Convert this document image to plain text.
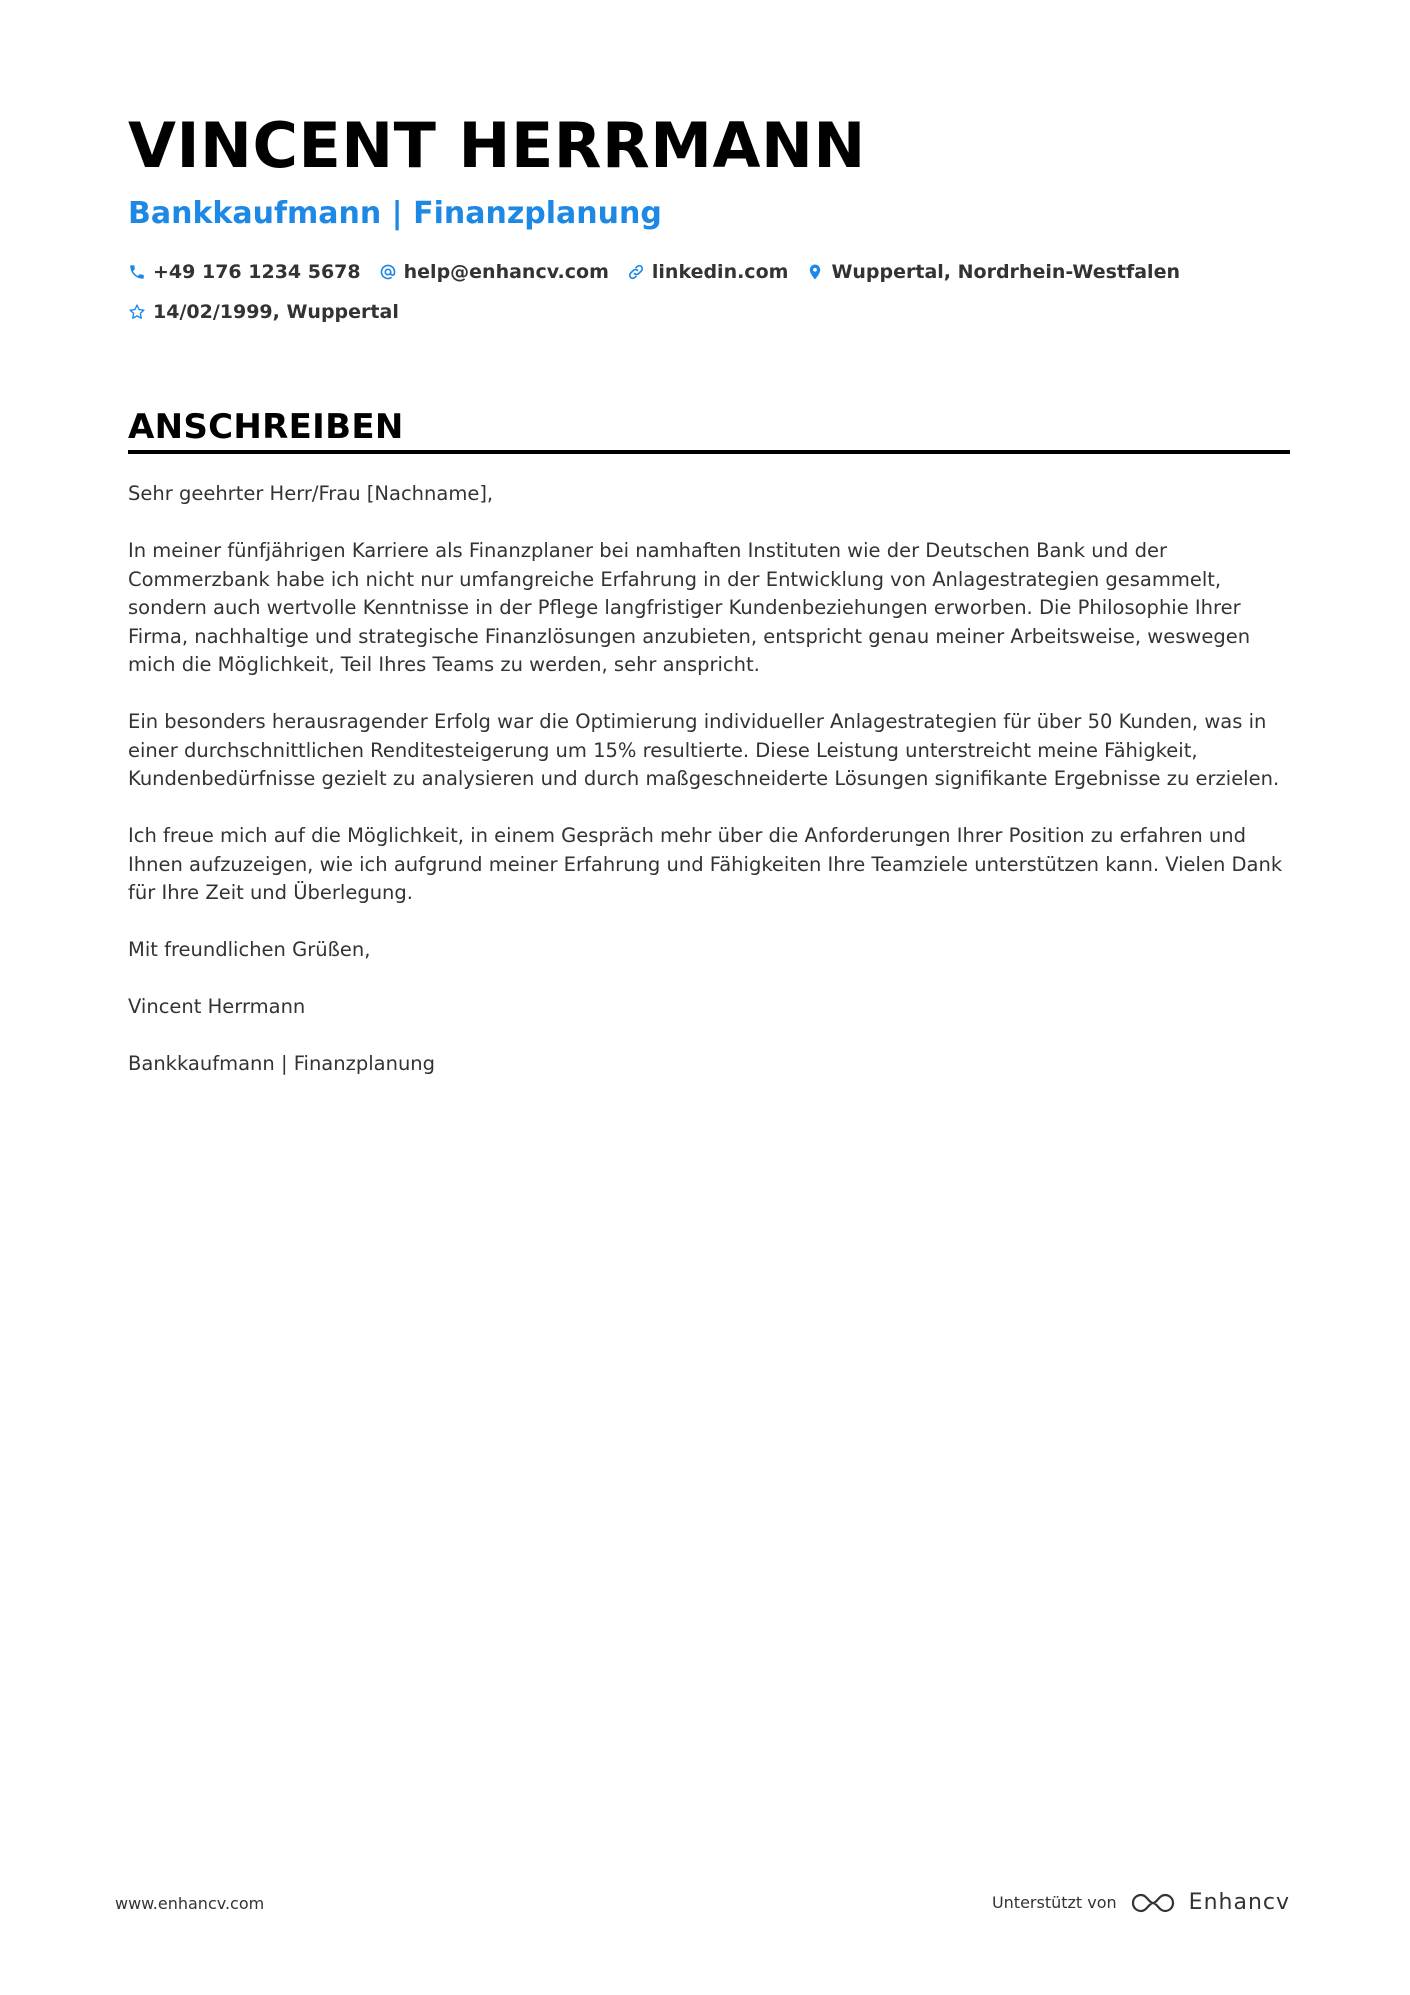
VINCENT HERRMANN
Bankkaufmann | Finanzplanung
+49 176 1234 5678 help@enhancv.com linkedin.com Wuppertal, Nordrhein-Westfalen
14/02/1999, Wuppertal
ANSCHREIBEN

Sehr geehrter Herr/Frau [Nachname],

In meiner fünfjährigen Karriere als Finanzplaner bei namhaften Instituten wie der Deutschen Bank und der Commerzbank habe ich nicht nur umfangreiche Erfahrung in der Entwicklung von Anlagestrategien gesammelt, sondern auch wertvolle Kenntnisse in der Pflege langfristiger Kundenbeziehungen erworben. Die Philosophie Ihrer Firma, nachhaltige und strategische Finanzlösungen anzubieten, entspricht genau meiner Arbeitsweise, weswegen mich die Möglichkeit, Teil Ihres Teams zu werden, sehr anspricht.

Ein besonders herausragender Erfolg war die Optimierung individueller Anlagestrategien für über 50 Kunden, was in einer durchschnittlichen Renditesteigerung um 15% resultierte. Diese Leistung unterstreicht meine Fähigkeit, Kundenbedürfnisse gezielt zu analysieren und durch maßgeschneiderte Lösungen signifikante Ergebnisse zu erzielen.

Ich freue mich auf die Möglichkeit, in einem Gespräch mehr über die Anforderungen Ihrer Position zu erfahren und Ihnen aufzuzeigen, wie ich aufgrund meiner Erfahrung und Fähigkeiten Ihre Teamziele unterstützen kann. Vielen Dank für Ihre Zeit und Überlegung.

Mit freundlichen Grüßen,

Vincent Herrmann

Bankkaufmann | Finanzplanung

www.enhancv.com	Unterstützt von	Enhancv
